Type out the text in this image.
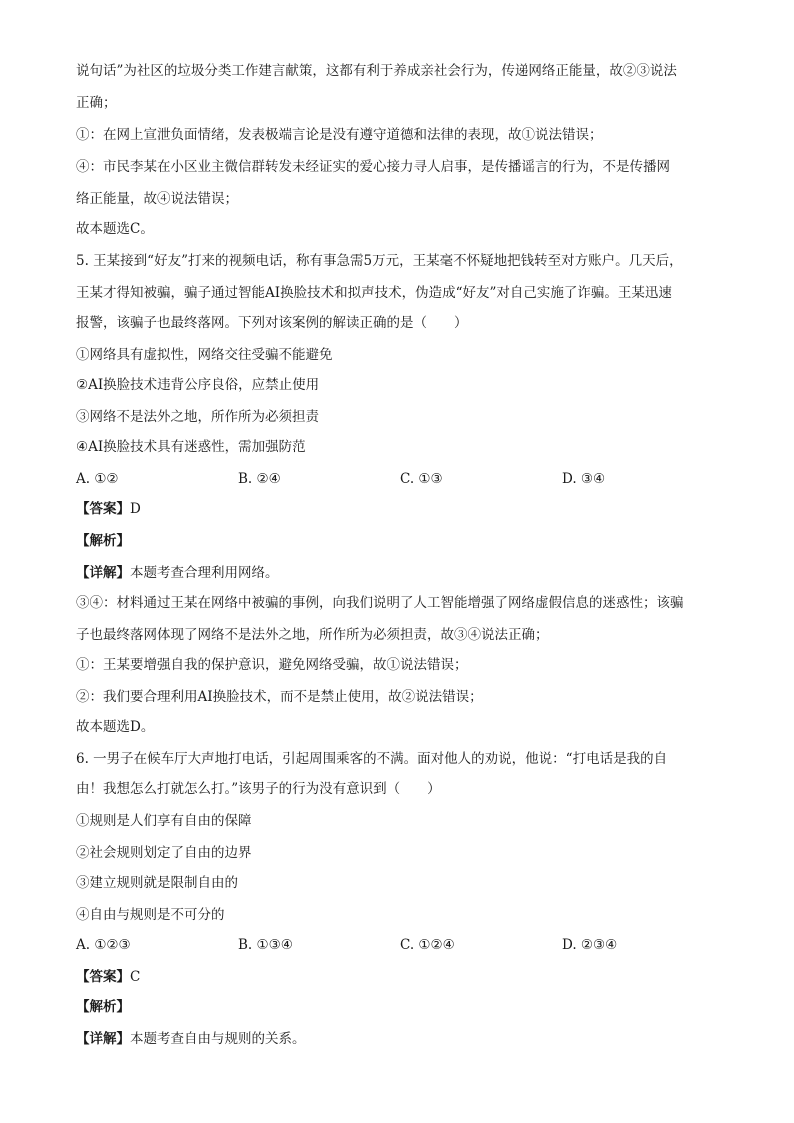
说句话”为社区的垃圾分类工作建言献策，这都有利于养成亲社会行为，传递网络正能量，故②③说法
正确；
①：在网上宣泄负面情绪，发表极端言论是没有遵守道德和法律的表现，故①说法错误；
④：市民李某在小区业主微信群转发未经证实的爱心接力寻人启事，是传播谣言的行为，不是传播网
络正能量，故④说法错误；
故本题选C。
5. 王某接到“好友”打来的视频电话，称有事急需5万元，王某毫不怀疑地把钱转至对方账户。几天后，
王某才得知被骗，骗子通过智能AI换脸技术和拟声技术，伪造成“好友”对自己实施了诈骗。王某迅速
报警，该骗子也最终落网。下列对该案例的解读正确的是（　　）
①网络具有虚拟性，网络交往受骗不能避免
②AI换脸技术违背公序良俗，应禁止使用
③网络不是法外之地，所作所为必须担责
④AI换脸技术具有迷惑性，需加强防范
A. ①②	B. ②④	C. ①③	D. ③④
【答案】D
【解析】
【详解】本题考查合理利用网络。
③④：材料通过王某在网络中被骗的事例，向我们说明了人工智能增强了网络虚假信息的迷惑性；该骗
子也最终落网体现了网络不是法外之地，所作所为必须担责，故③④说法正确；
①：王某要增强自我的保护意识，避免网络受骗，故①说法错误；
②：我们要合理利用AI换脸技术，而不是禁止使用，故②说法错误；
故本题选D。
6. 一男子在候车厅大声地打电话，引起周围乘客的不满。面对他人的劝说，他说：“打电话是我的自
由！我想怎么打就怎么打。”该男子的行为没有意识到（　　）
①规则是人们享有自由的保障
②社会规则划定了自由的边界
③建立规则就是限制自由的
④自由与规则是不可分的
A. ①②③	B. ①③④	C. ①②④	D. ②③④
【答案】C
【解析】
【详解】本题考查自由与规则的关系。
